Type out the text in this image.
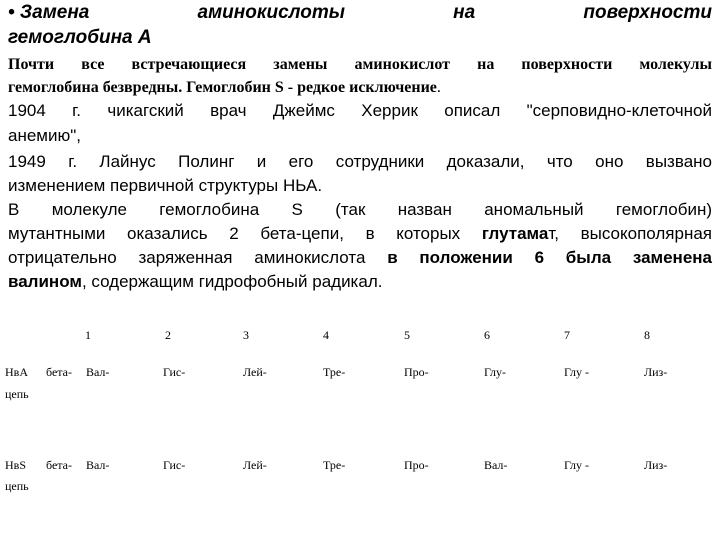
• Замена	аминокислоты	на	поверхности
гемоглобина А
Почти все встречающиеся замены аминокислот на поверхности молекулы
гемоглобина безвредны. Гемоглобин S - редкое исключение.
1904 г. чикагский врач Джеймс Херрик описал "серповидно-клеточной
анемию",
1949 г. Лайнус Полинг и его сотрудники доказали, что оно вызвано
изменением первичной структуры НЬА.
В молекуле гемоглобина S (так назван аномальный гемоглобин)
мутантными оказались 2 бета-цепи, в которых глутамат, высокополярная
отрицательно заряженная аминокислота в положении 6 была заменена
валином, содержащим гидрофобный радикал.
1	2	3	4	5	6	7	8
HвA бета-
цепь
Вал-	Гис-	Лей-	Тре-	Про-	Глу-	Глу -	Лиз-
HвS бета-
цепь
Вал-	Гис-	Лей-	Тре-	Про-	Вал-	Глу -	Лиз-
